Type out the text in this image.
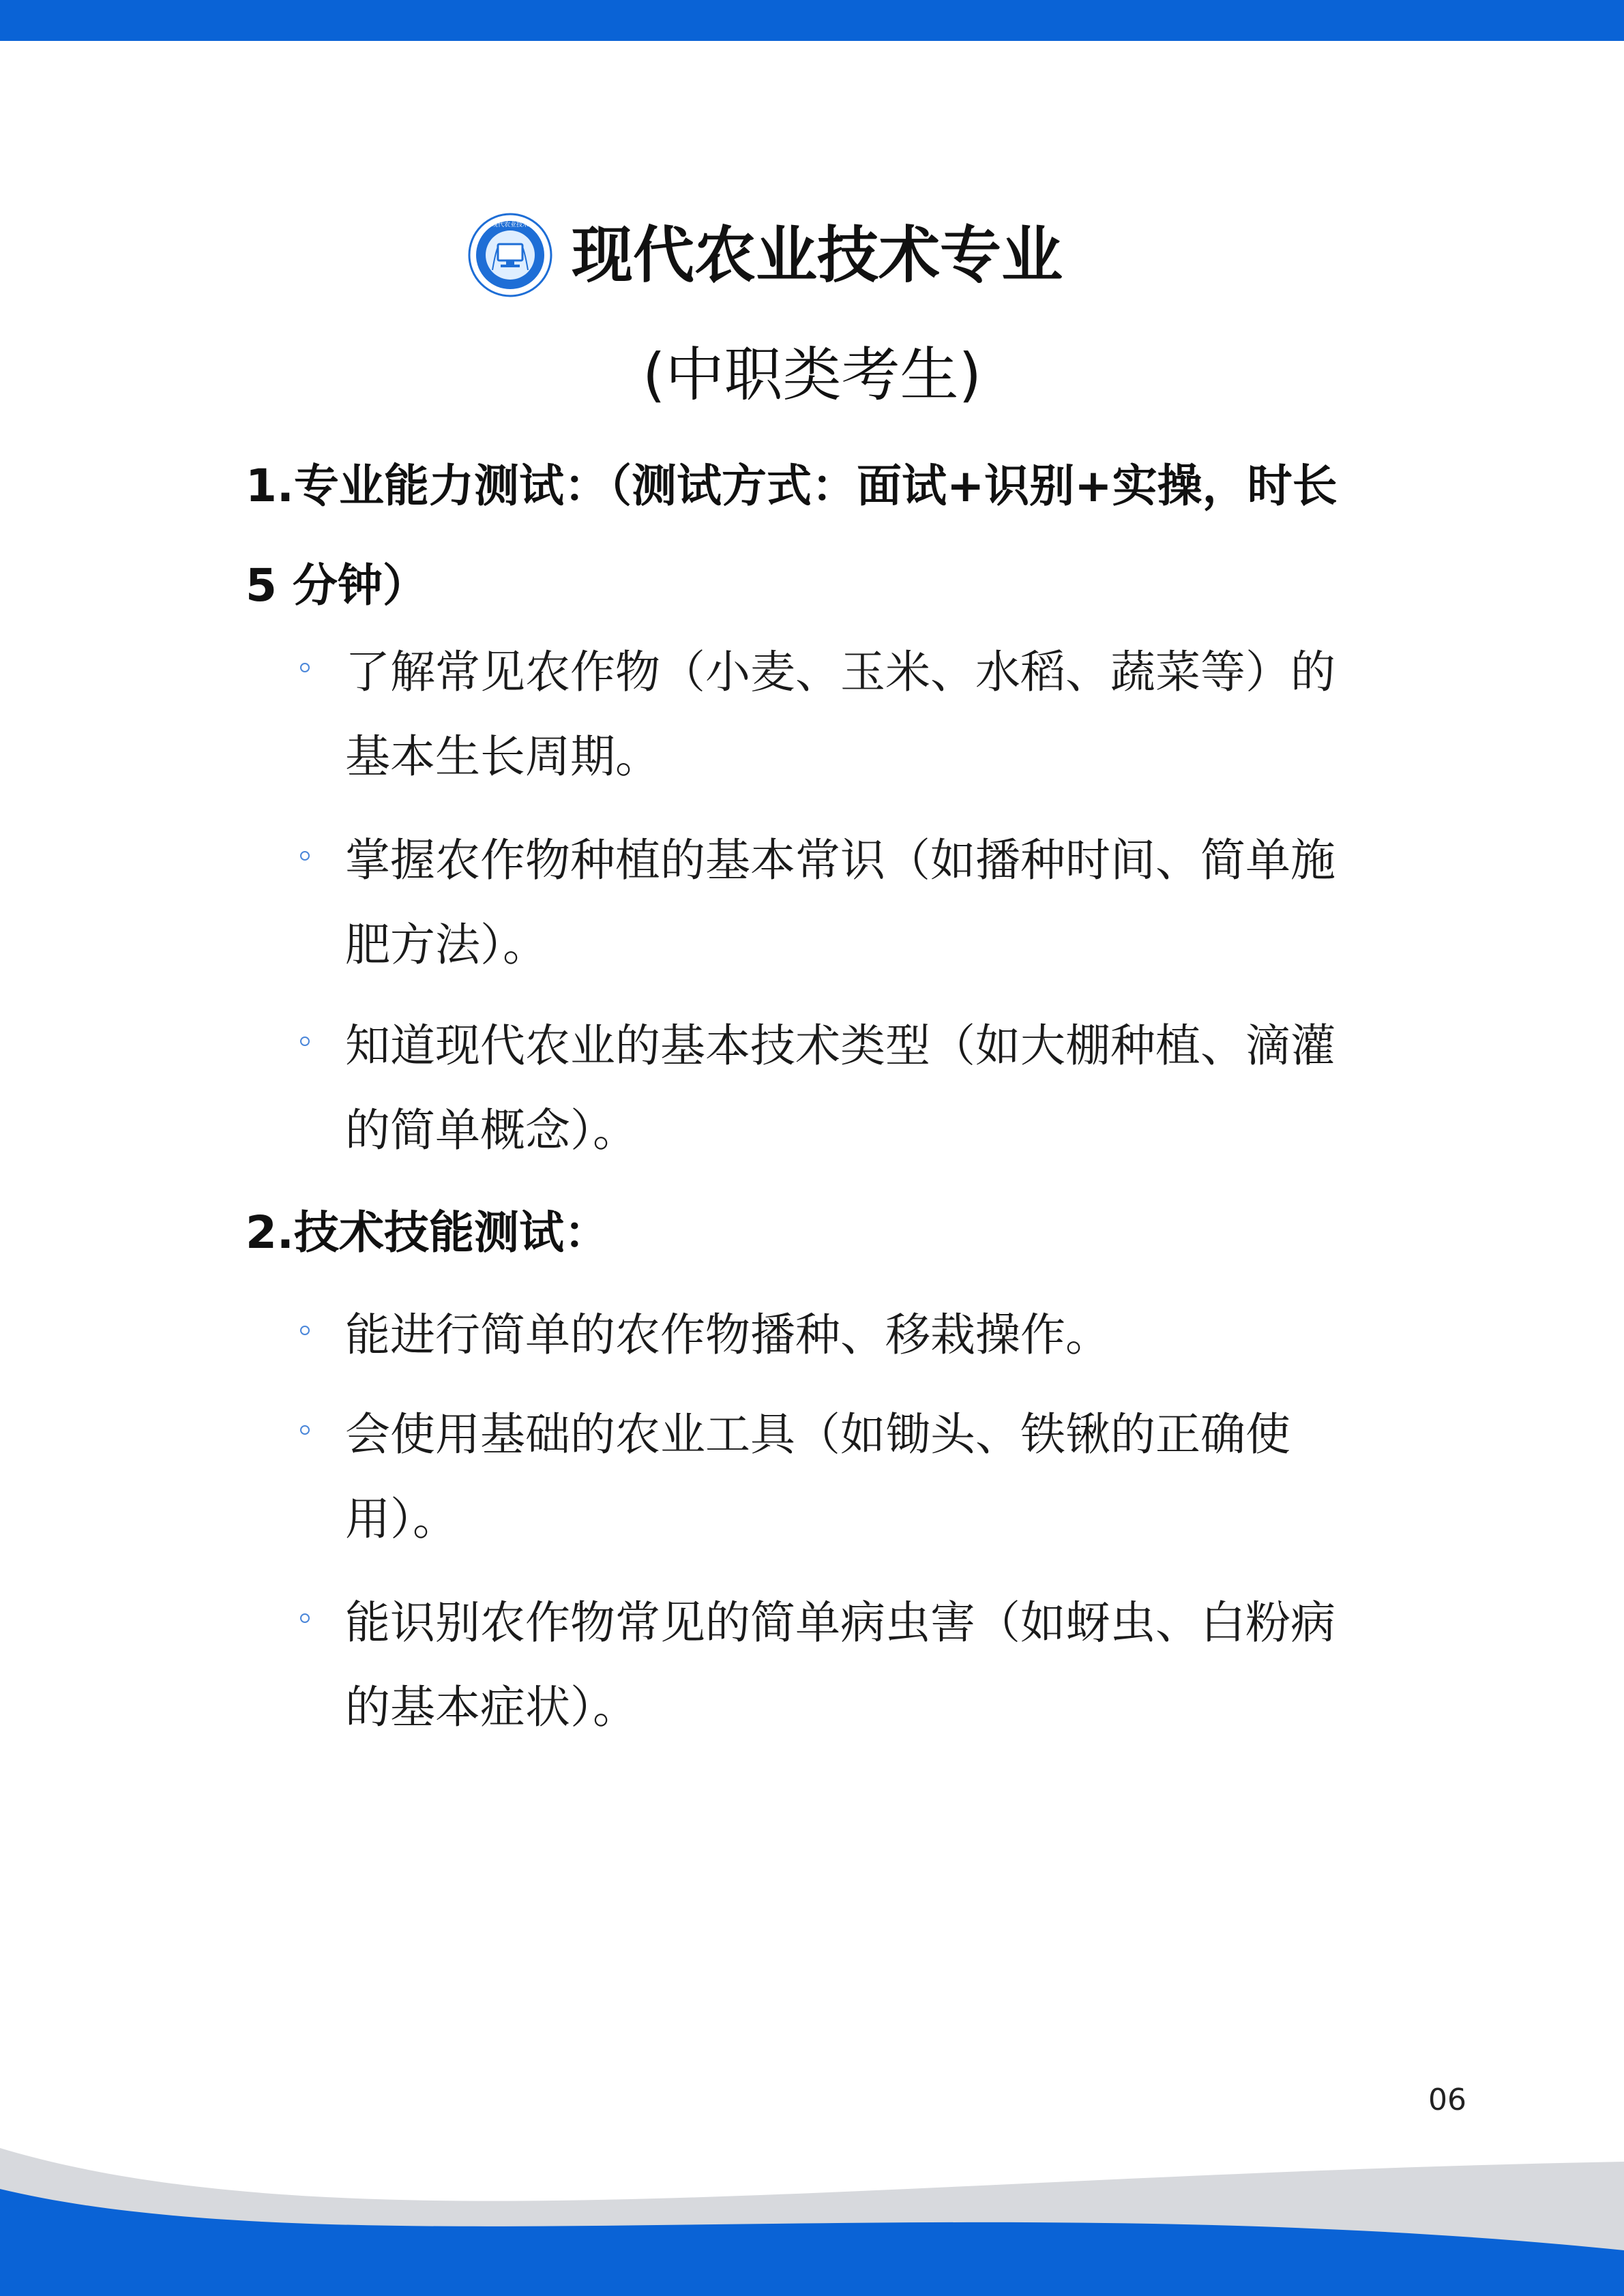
现代农业技术 现代农业技术专业
(中职类考生)
1.专业能力测试：（测试方式：面试+识别+实操，时长 5 分钟）
了解常见农作物（小麦、玉米、水稻、蔬菜等）的基本生长周期。
掌握农作物种植的基本常识（如播种时间、简单施肥方法）。
知道现代农业的基本技术类型（如大棚种植、滴灌的简单概念）。
2.技术技能测试：
能进行简单的农作物播种、移栽操作。
会使用基础的农业工具（如锄头、铁锹的正确使用）。
能识别农作物常见的简单病虫害（如蚜虫、白粉病的基本症状）。
06
